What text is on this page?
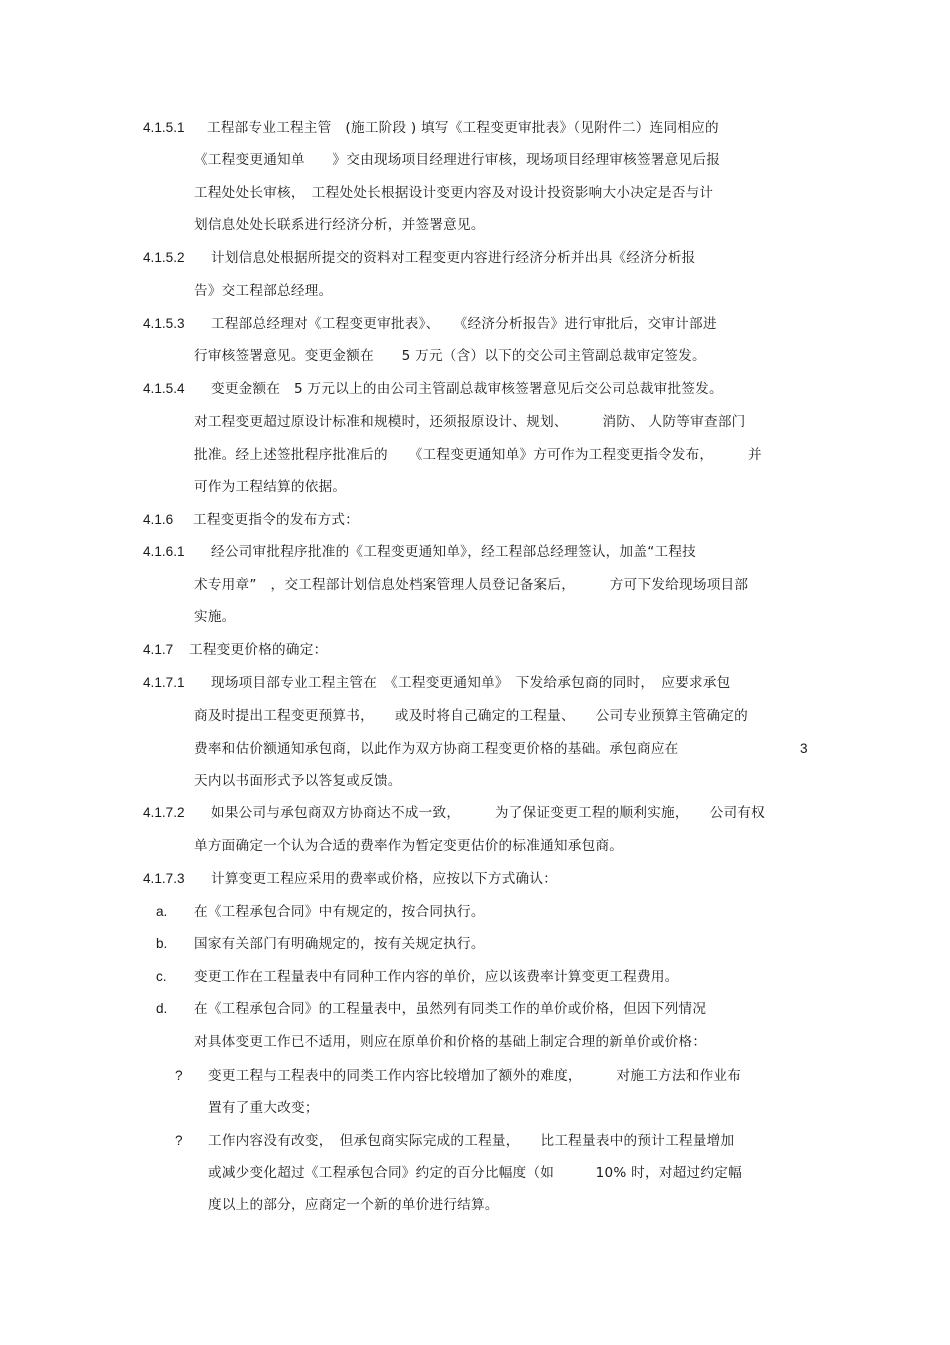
4.1.5.1 工程部专业工程主管　(施工阶段 ) 填写《工程变更审批表》（见附件二）连同相应的
《工程变更通知单　　》交由现场项目经理进行审核，现场项目经理审核签署意见后报
工程处处长审核，　工程处处长根据设计变更内容及对设计投资影响大小决定是否与计
划信息处处长联系进行经济分析，并签署意见。
4.1.5.2 计划信息处根据所提交的资料对工程变更内容进行经济分析并出具《经济分析报
告》交工程部总经理。
4.1.5.3 工程部总经理对《工程变更审批表》、　　《经济分析报告》进行审批后，交审计部进
行审核签署意见。变更金额在　　5 万元（含）以下的交公司主管副总裁审定签发。
4.1.5.4 变更金额在　5 万元以上的由公司主管副总裁审核签署意见后交公司总裁审批签发。
对工程变更超过原设计标准和规模时，还须报原设计、规划、　　　消防、 人防等审查部门
批准。经上述签批程序批准后的　　《工程变更通知单》方可作为工程变更指令发布，　　　并
可作为工程结算的依据。
4.1.6 工程变更指令的发布方式：
4.1.6.1 经公司审批程序批准的《工程变更通知单》，经工程部总经理签认，加盖“工程技
术专用章”　，交工程部计划信息处档案管理人员登记备案后，　　　方可下发给现场项目部
实施。
4.1.7 工程变更价格的确定：
4.1.7.1 现场项目部专业工程主管在　《工程变更通知单》　下发给承包商的同时，　应要求承包
商及时提出工程变更预算书，　　或及时将自己确定的工程量、　　公司专业预算主管确定的
费率和估价额通知承包商，以此作为双方协商工程变更价格的基础。承包商应在	3
天内以书面形式予以答复或反馈。
4.1.7.2 如果公司与承包商双方协商达不成一致，　　　为了保证变更工程的顺利实施，　　公司有权
单方面确定一个认为合适的费率作为暂定变更估价的标准通知承包商。
4.1.7.3 计算变更工程应采用的费率或价格，应按以下方式确认：
a. 在《工程承包合同》中有规定的，按合同执行。
b. 国家有关部门有明确规定的，按有关规定执行。
c. 变更工作在工程量表中有同种工作内容的单价，应以该费率计算变更工程费用。
d. 在《工程承包合同》的工程量表中，虽然列有同类工作的单价或价格，但因下列情况
对具体变更工作已不适用，则应在原单价和价格的基础上制定合理的新单价或价格：
? 变更工程与工程表中的同类工作内容比较增加了额外的难度，　　　对施工方法和作业布
置有了重大改变；
? 工作内容没有改变，　但承包商实际完成的工程量，　　比工程量表中的预计工程量增加
或减少变化超过《工程承包合同》约定的百分比幅度（如　　　10% 时，对超过约定幅
度以上的部分，应商定一个新的单价进行结算。
